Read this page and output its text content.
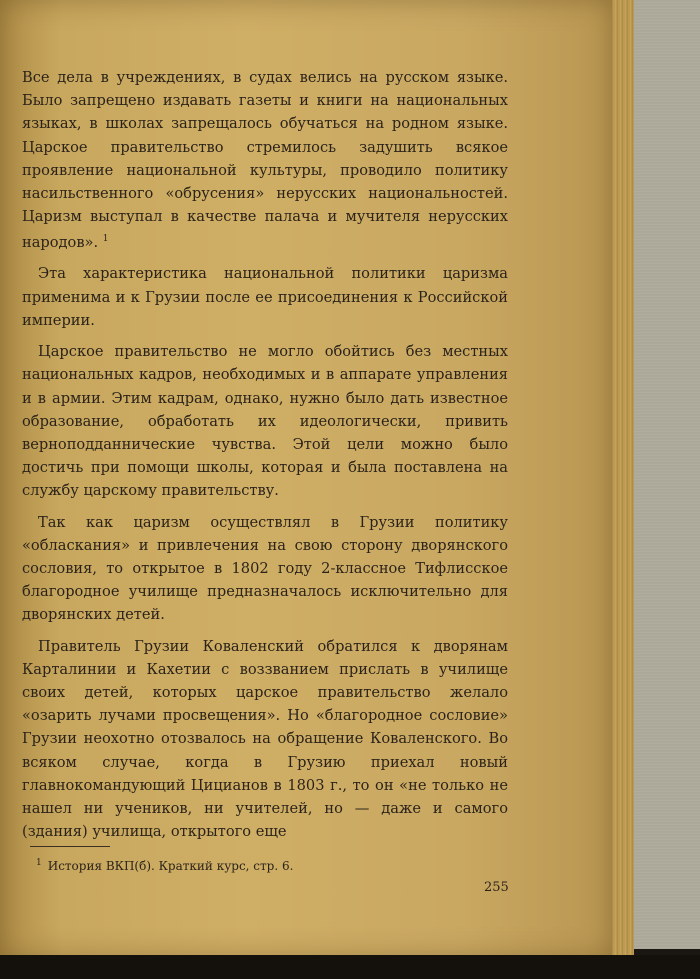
Все дела в учреждениях, в судах велись на русском языке. Было запрещено издавать газеты и книги на национальных языках, в школах запрещалось обучаться на родном языке. Царское правительство стремилось задушить всякое проявление национальной культуры, проводило политику насильственного «обрусения» нерусских национальностей. Царизм выступал в качестве палача и мучителя нерусских народов». $^1$

Эта характеристика национальной политики царизма применима и к Грузии после ее присоединения к Российской империи.

Царское правительство не могло обойтись без местных национальных кадров, необходимых и в аппарате управления и в армии. Этим кадрам, однако, нужно было дать известное образование, обработать их идеологически, привить верноподданнические чувства. Этой цели можно было достичь при помощи школы, которая и была поставлена на службу царскому правительству.

Так как царизм осуществлял в Грузии политику «обласкания» и привлечения на свою сторону дворянского сословия, то открытое в 1802 году 2-классное Тифлисское благородное училище предназначалось исключительно для дворянских детей.

Правитель Грузии Коваленский обратился к дворянам Карталинии и Кахетии с воззванием прислать в училище своих детей, которых царское правительство желало «озарить лучами просвещения». Но «благородное сословие» Грузии неохотно отозвалось на обращение Коваленского. Во всяком случае, когда в Грузию приехал новый главнокомандующий Цицианов в 1803 г., то он «не только не нашел ни учеников, ни учителей, но — даже и самого (здания) училища, открытого еще

$^1$ История ВКП(б). Краткий курс, стр. 6.
255
